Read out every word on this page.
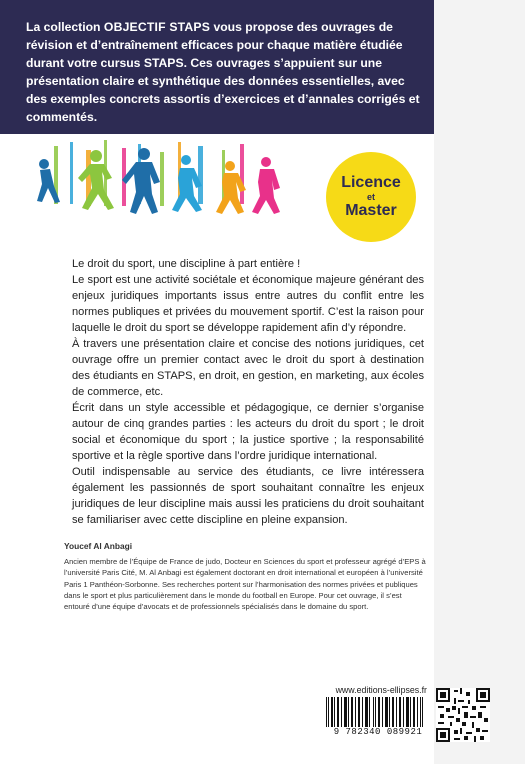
La collection OBJECTIF STAPS vous propose des ouvrages de révision et d’entraînement efficaces pour chaque matière étudiée durant votre cursus STAPS. Ces ouvrages s’appuient sur une présentation claire et synthétique des données essentielles, avec des exemples concrets assortis d’exercices et d’annales corrigés et commentés.

Licence
et
Master

Le droit du sport, une discipline à part entière !

Le sport est une activité sociétale et économique majeure générant des enjeux juridiques importants issus entre autres du conflit entre les normes publiques et privées du mouvement sportif. C’est la raison pour laquelle le droit du sport se développe rapidement afin d’y répondre.

À travers une présentation claire et concise des notions juridiques, cet ouvrage offre un premier contact avec le droit du sport à destination des étudiants en STAPS, en droit, en gestion, en marketing, aux écoles de commerce, etc.

Écrit dans un style accessible et pédagogique, ce dernier s’organise autour de cinq grandes parties : les acteurs du droit du sport ; le droit social et économique du sport ; la justice sportive ; la responsabilité sportive et la règle sportive dans l’ordre juridique international.

Outil indispensable au service des étudiants, ce livre intéressera également les passionnés de sport souhaitant connaître les enjeux juridiques de leur discipline mais aussi les praticiens du droit souhaitant se familiariser avec cette discipline en pleine expansion.

Youcef Al Anbagi

Ancien membre de l’Équipe de France de judo, Docteur en Sciences du sport et professeur agrégé d’EPS à l’université Paris Cité, M. Al Anbagi est également doctorant en droit international et européen à l’université Paris 1 Panthéon-Sorbonne. Ses recherches portent sur l’harmonisation des normes privées et publiques dans le sport et plus particulièrement dans le monde du football en Europe. Pour cet ouvrage, il s’est entouré d’une équipe d’avocats et de professionnels spécialisés dans le domaine du sport.

www.editions-ellipses.fr
9 782340 089921
